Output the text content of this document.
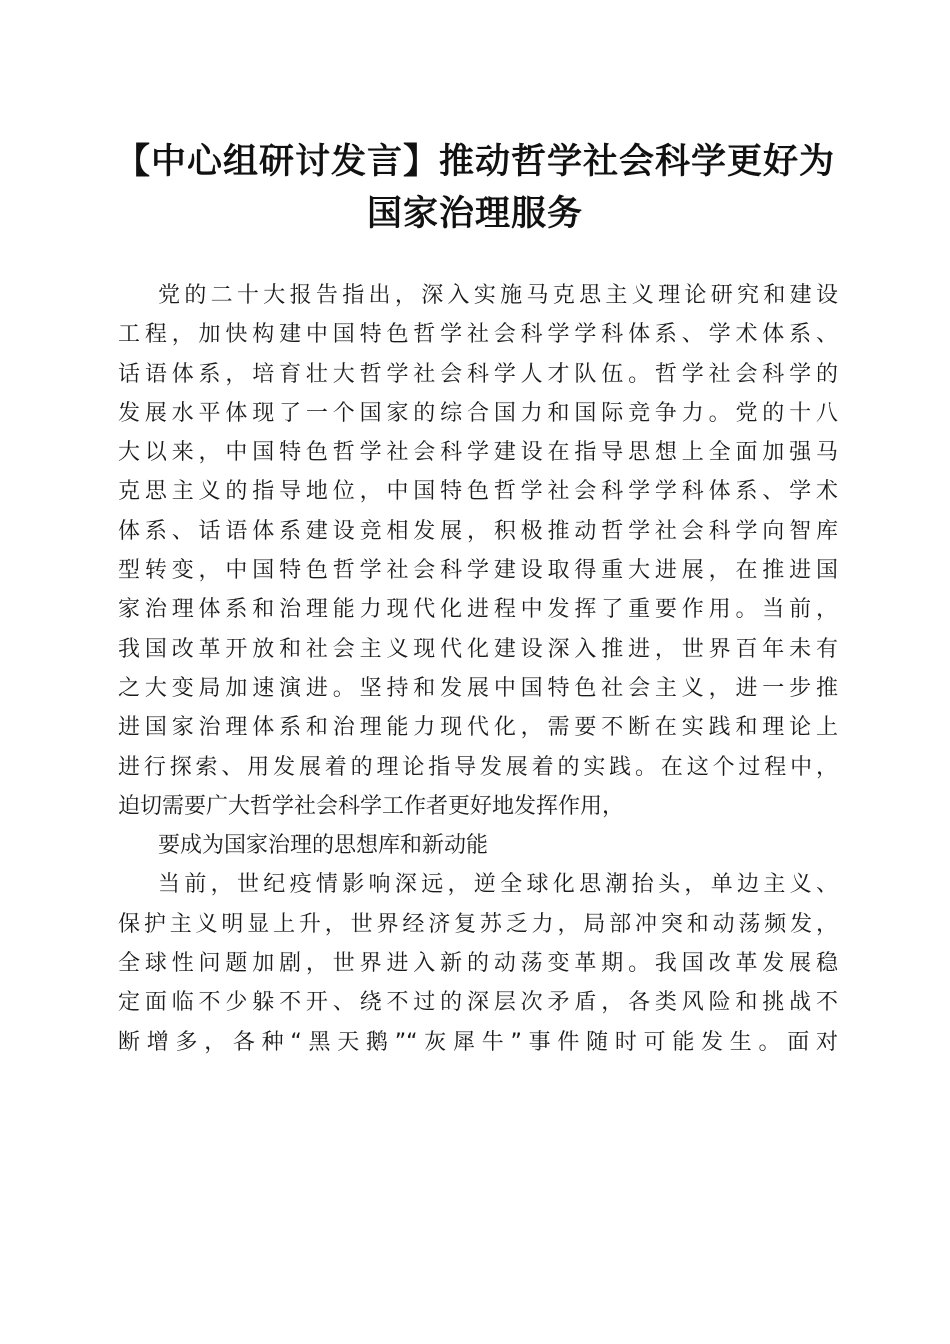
【中心组研讨发言】推动哲学社会科学更好为
国家治理服务
党的二十大报告指出，深入实施马克思主义理论研究和建设
工程，加快构建中国特色哲学社会科学学科体系、学术体系、
话语体系，培育壮大哲学社会科学人才队伍。哲学社会科学的
发展水平体现了一个国家的综合国力和国际竞争力。党的十八
大以来，中国特色哲学社会科学建设在指导思想上全面加强马
克思主义的指导地位，中国特色哲学社会科学学科体系、学术
体系、话语体系建设竞相发展，积极推动哲学社会科学向智库
型转变，中国特色哲学社会科学建设取得重大进展，在推进国
家治理体系和治理能力现代化进程中发挥了重要作用。当前，
我国改革开放和社会主义现代化建设深入推进，世界百年未有
之大变局加速演进。坚持和发展中国特色社会主义，进一步推
进国家治理体系和治理能力现代化，需要不断在实践和理论上
进行探索、用发展着的理论指导发展着的实践。在这个过程中，
迫切需要广大哲学社会科学工作者更好地发挥作用，
要成为国家治理的思想库和新动能
当前，世纪疫情影响深远，逆全球化思潮抬头，单边主义、
保护主义明显上升，世界经济复苏乏力，局部冲突和动荡频发，
全球性问题加剧，世界进入新的动荡变革期。我国改革发展稳
定面临不少躲不开、绕不过的深层次矛盾，各类风险和挑战不
断增多，各种“黑天鹅”“灰犀牛”事件随时可能发生。面对
